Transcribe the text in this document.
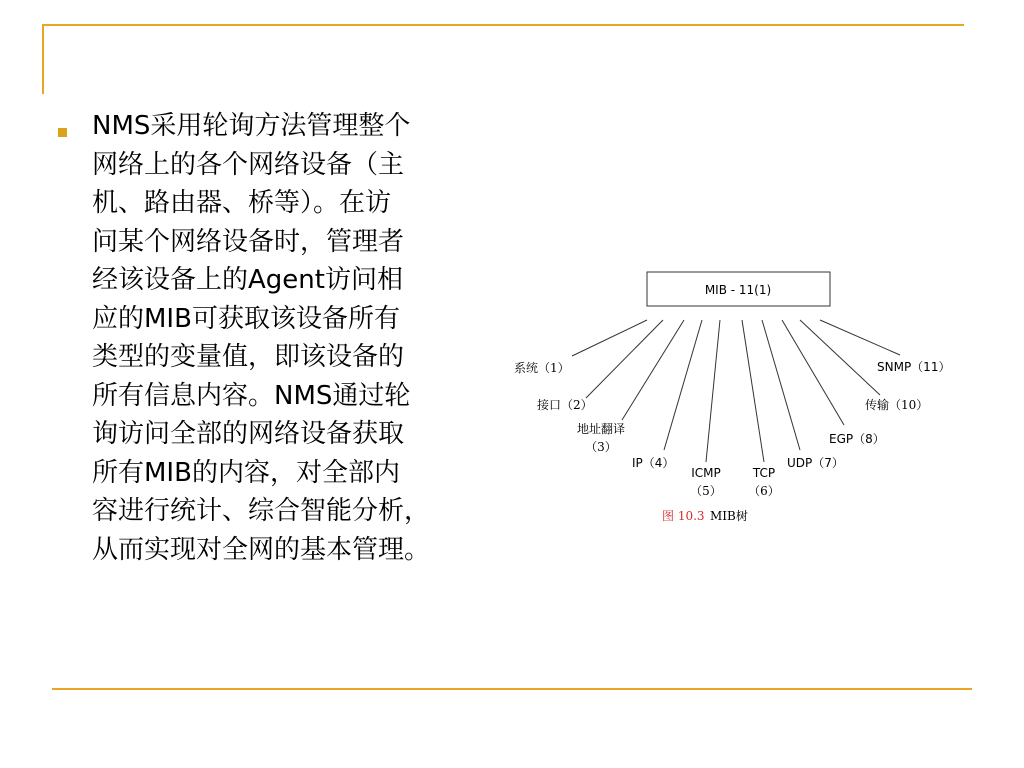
NMS采用轮询方法管理整个
网络上的各个网络设备（主
机、路由器、桥等）。在访
问某个网络设备时，管理者
经该设备上的Agent访问相
应的MIB可获取该设备所有
类型的变量值，即该设备的
所有信息内容。NMS通过轮
询访问全部的网络设备获取
所有MIB的内容，对全部内
容进行统计、综合智能分析，
从而实现对全网的基本管理。

MIB - 11(1)
系统（1）
接口（2）
地址翻译
（3）
IP（4）
ICMP
（5）
TCP
（6）
UDP（7）
EGP（8）
传输（10）
SNMP（11）
图 10.3 MIB树
